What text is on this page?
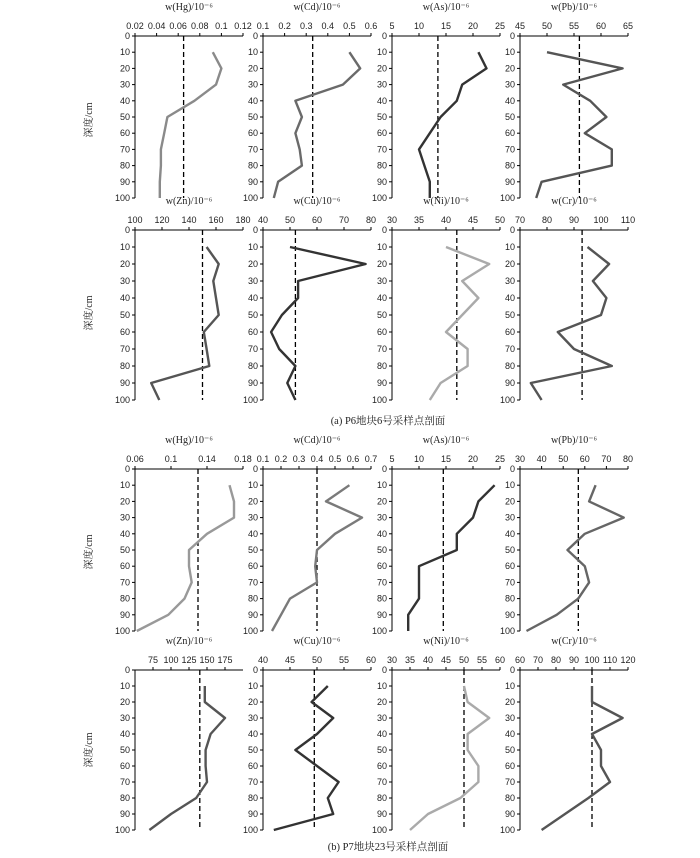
(a) P6地块6号采样点剖面
(b) P7地块23号采样点剖面
深度/cm
深度/cm
深度/cm
深度/cm
w(Hg)/10⁻⁶
0.02 0.04 0.06 0.08 0.1 0.12
0
10
20
30
40
50
60
70
80
90
100
w(Cd)/10⁻⁶
0.1 0.2 0.3 0.4 0.5 0.6
0
10
20
30
40
50
60
70
80
90
100
w(As)/10⁻⁶
5 10 15 20 25
0
10
20
30
40
50
60
70
80
90
100
w(Pb)/10⁻⁶
45 50 55 60 65
0
10
20
30
40
50
60
70
80
90
100
w(Zn)/10⁻⁶
100 120 140 160 180
0
10
20
30
40
50
60
70
80
90
100
w(Cu)/10⁻⁶
40 50 60 70 80
0
10
20
30
40
50
60
70
80
90
100
w(Ni)/10⁻⁶
30 35 40 45 50
0
10
20
30
40
50
60
70
80
90
100
w(Cr)/10⁻⁶
70 80 90 100 110
0
10
20
30
40
50
60
70
80
90
100
w(Hg)/10⁻⁶
0.06 0.1 0.14 0.18
0
10
20
30
40
50
60
70
80
90
100
w(Cd)/10⁻⁶
0.1 0.2 0.3 0.4 0.5 0.6 0.7
0
10
20
30
40
50
60
70
80
90
100
w(As)/10⁻⁶
5 10 15 20 25
0
10
20
30
40
50
60
70
80
90
100
w(Pb)/10⁻⁶
30 40 50 60 70 80
0
10
20
30
40
50
60
70
80
90
100
w(Zn)/10⁻⁶
75 100 125 150 175
0
10
20
30
40
50
60
70
80
90
100
w(Cu)/10⁻⁶
40 45 50 55 60
0
10
20
30
40
50
60
70
80
90
100
w(Ni)/10⁻⁶
30 35 40 45 50 55 60
0
10
20
30
40
50
60
70
80
90
100
w(Cr)/10⁻⁶
60 70 80 90 100 110 120
0
10
20
30
40
50
60
70
80
90
100
